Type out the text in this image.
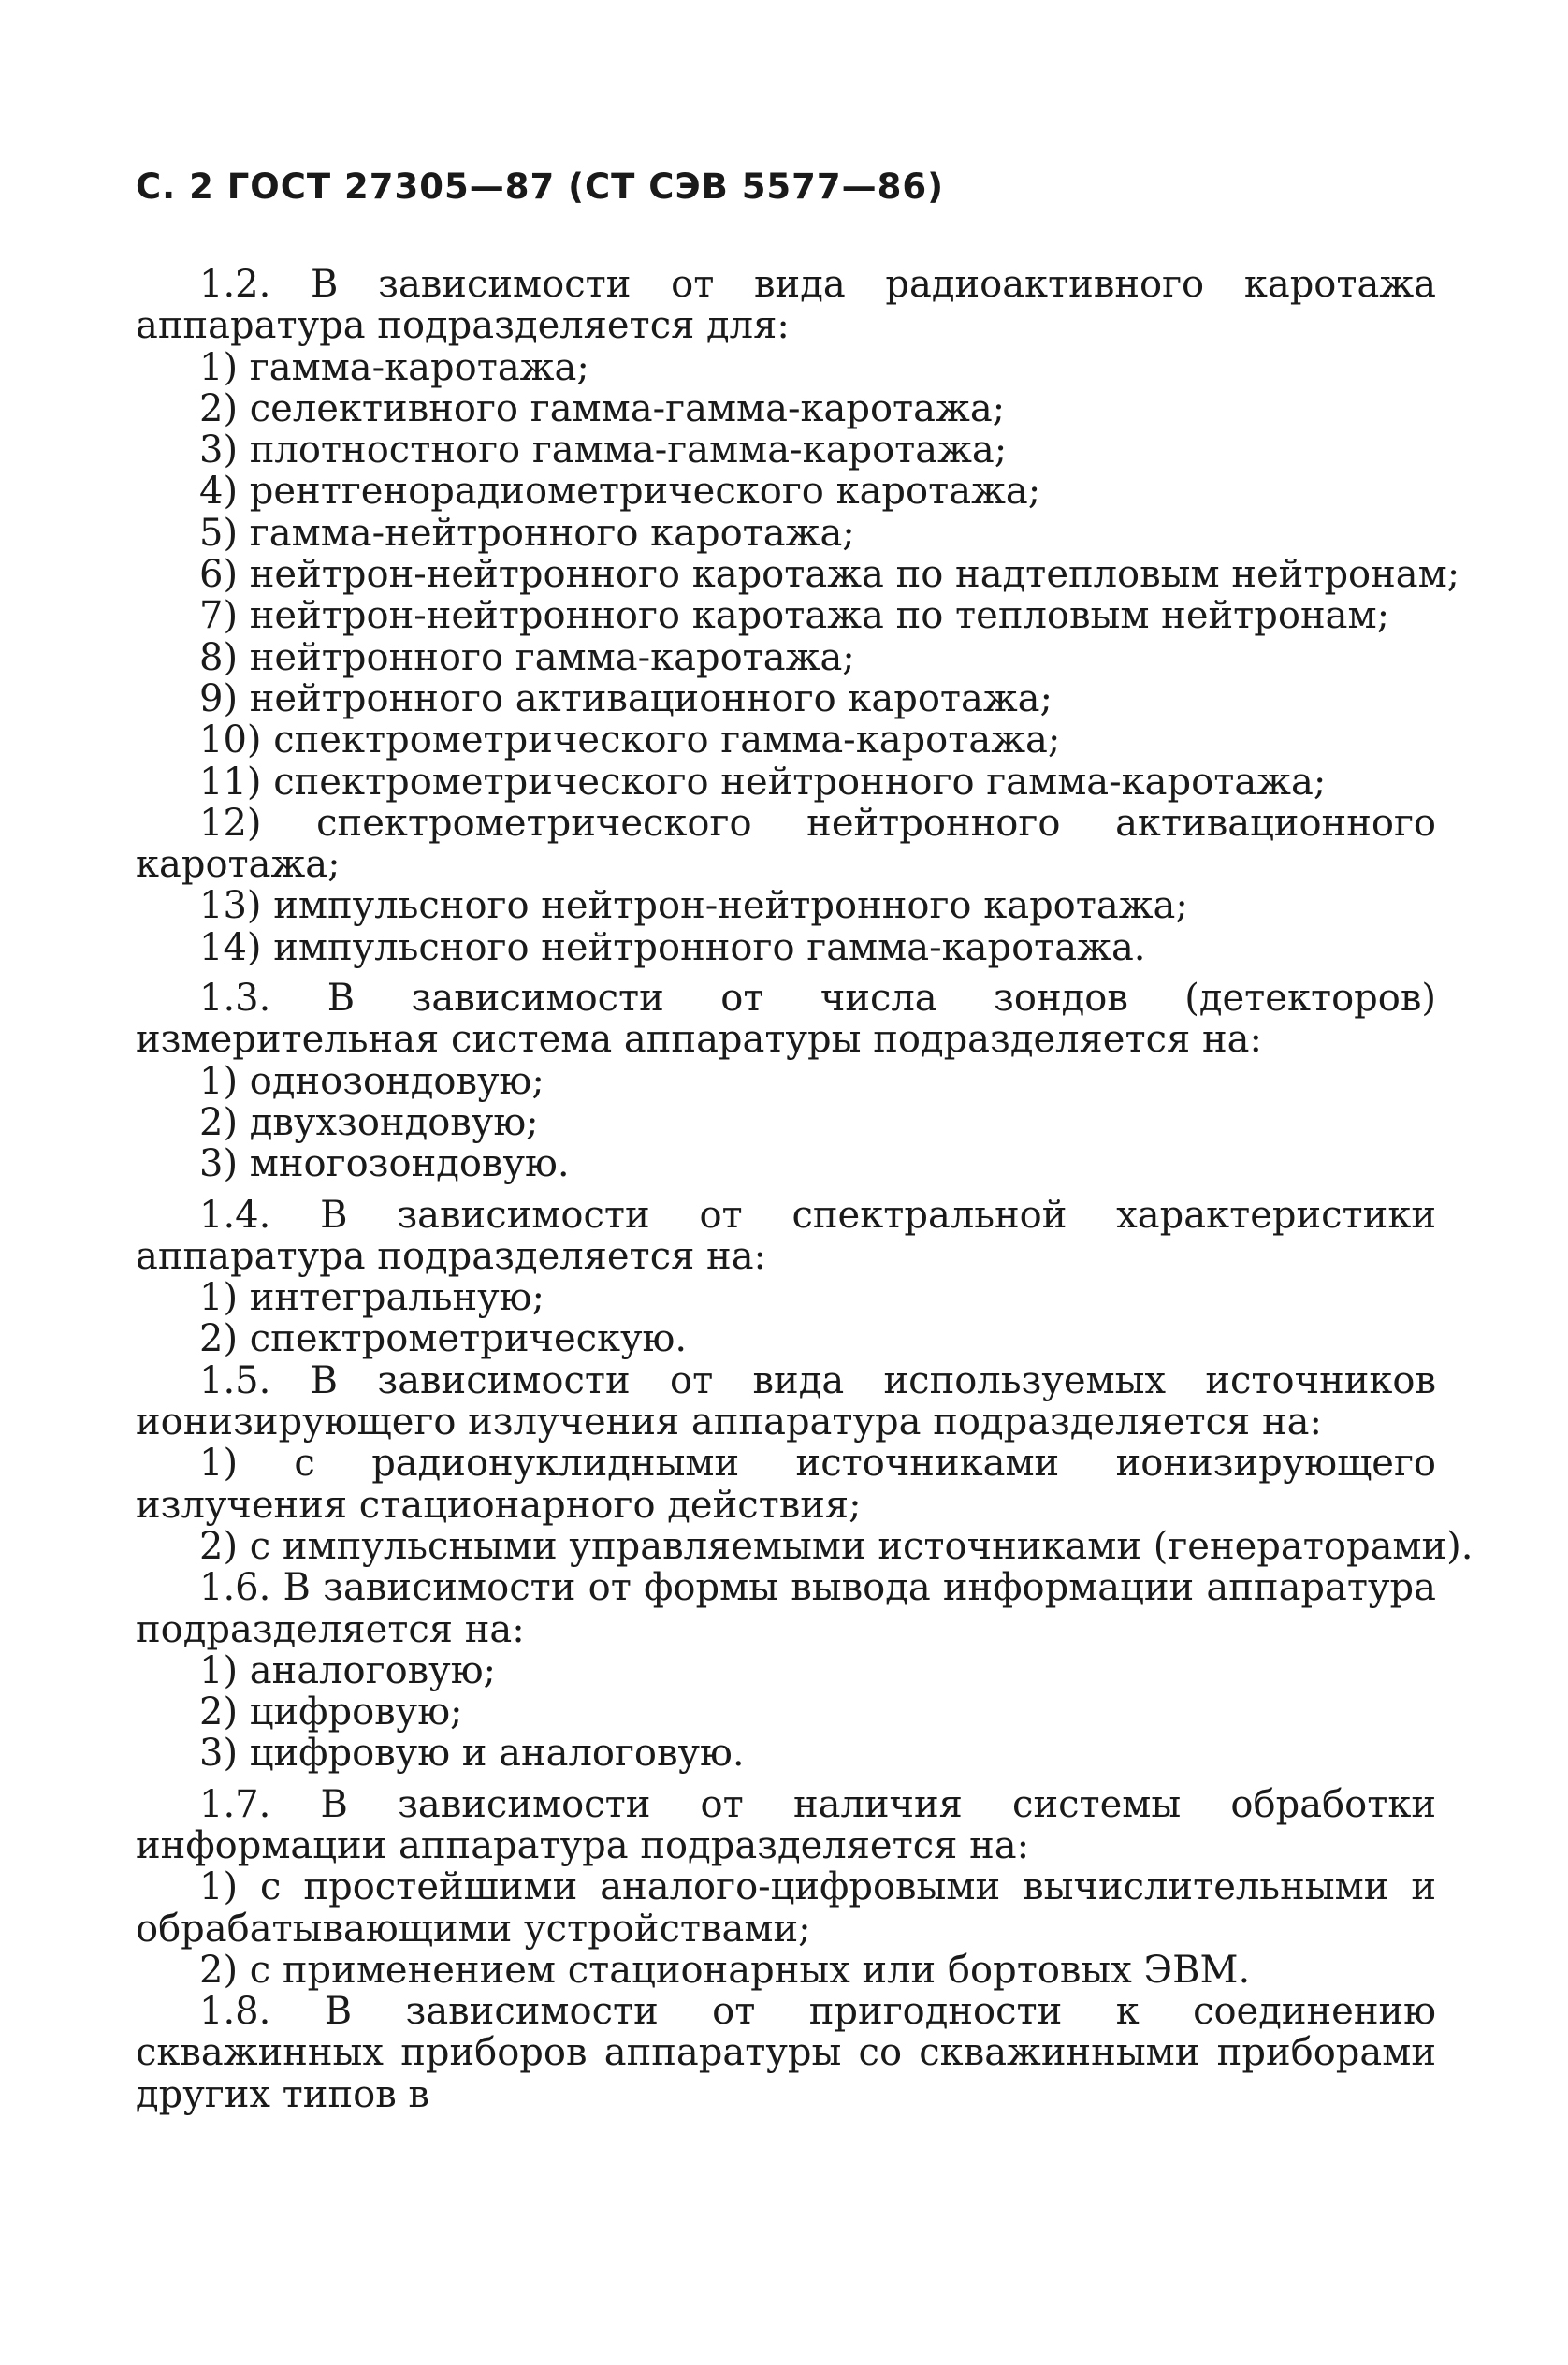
С. 2 ГОСТ 27305—87 (СТ СЭВ 5577—86)

1.2. В зависимости от вида радиоактивного каротажа аппаратура подразделяется для:

1) гамма-каротажа;

2) селективного гамма-гамма-каротажа;

3) плотностного гамма-гамма-каротажа;

4) рентгенорадиометрического каротажа;

5) гамма-нейтронного каротажа;

6) нейтрон-нейтронного каротажа по надтепловым нейтронам;

7) нейтрон-нейтронного каротажа по тепловым нейтронам;

8) нейтронного гамма-каротажа;

9) нейтронного активационного каротажа;

10) спектрометрического гамма-каротажа;

11) спектрометрического нейтронного гамма-каротажа;

12) спектрометрического нейтронного активационного каротажа;

13) импульсного нейтрон-нейтронного каротажа;

14) импульсного нейтронного гамма-каротажа.

1.3. В зависимости от числа зондов (детекторов) измерительная система аппаратуры подразделяется на:

1) однозондовую;

2) двухзондовую;

3) многозондовую.

1.4. В зависимости от спектральной характеристики аппаратура подразделяется на:

1) интегральную;

2) спектрометрическую.

1.5. В зависимости от вида используемых источников ионизирующего излучения аппаратура подразделяется на:

1) с радионуклидными источниками ионизирующего излучения стационарного действия;

2) с импульсными управляемыми источниками (генераторами).

1.6. В зависимости от формы вывода информации аппаратура подразделяется на:

1) аналоговую;

2) цифровую;

3) цифровую и аналоговую.

1.7. В зависимости от наличия системы обработки информации аппаратура подразделяется на:

1) с простейшими аналого-цифровыми вычислительными и обрабатывающими устройствами;

2) с применением стационарных или бортовых ЭВМ.

1.8. В зависимости от пригодности к соединению скважинных приборов аппаратуры со скважинными приборами других типов в
